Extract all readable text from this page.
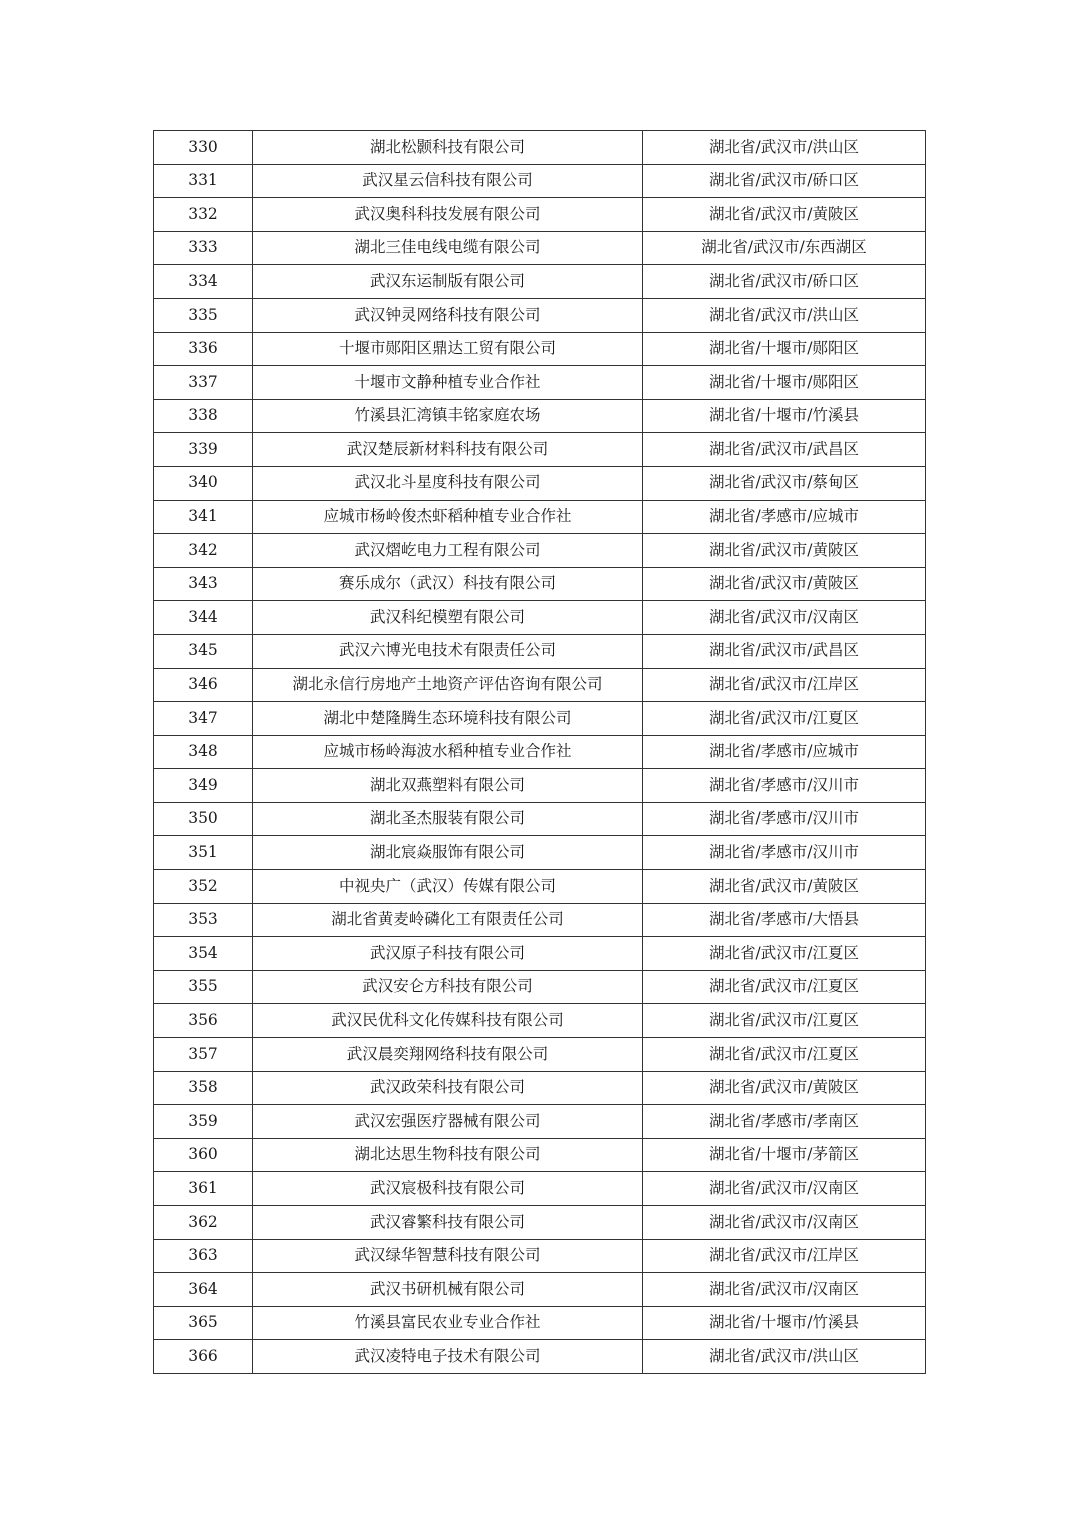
330	湖北松颢科技有限公司	湖北省/武汉市/洪山区
331	武汉星云信科技有限公司	湖北省/武汉市/硚口区
332	武汉奥科科技发展有限公司	湖北省/武汉市/黄陂区
333	湖北三佳电线电缆有限公司	湖北省/武汉市/东西湖区
334	武汉东运制版有限公司	湖北省/武汉市/硚口区
335	武汉钟灵网络科技有限公司	湖北省/武汉市/洪山区
336	十堰市郧阳区鼎达工贸有限公司	湖北省/十堰市/郧阳区
337	十堰市文静种植专业合作社	湖北省/十堰市/郧阳区
338	竹溪县汇湾镇丰铭家庭农场	湖北省/十堰市/竹溪县
339	武汉楚辰新材料科技有限公司	湖北省/武汉市/武昌区
340	武汉北斗星度科技有限公司	湖北省/武汉市/蔡甸区
341	应城市杨岭俊杰虾稻种植专业合作社	湖北省/孝感市/应城市
342	武汉熠屹电力工程有限公司	湖北省/武汉市/黄陂区
343	赛乐成尔（武汉）科技有限公司	湖北省/武汉市/黄陂区
344	武汉科纪模塑有限公司	湖北省/武汉市/汉南区
345	武汉六博光电技术有限责任公司	湖北省/武汉市/武昌区
346	湖北永信行房地产土地资产评估咨询有限公司	湖北省/武汉市/江岸区
347	湖北中楚隆腾生态环境科技有限公司	湖北省/武汉市/江夏区
348	应城市杨岭海波水稻种植专业合作社	湖北省/孝感市/应城市
349	湖北双燕塑料有限公司	湖北省/孝感市/汉川市
350	湖北圣杰服装有限公司	湖北省/孝感市/汉川市
351	湖北宸焱服饰有限公司	湖北省/孝感市/汉川市
352	中视央广（武汉）传媒有限公司	湖北省/武汉市/黄陂区
353	湖北省黄麦岭磷化工有限责任公司	湖北省/孝感市/大悟县
354	武汉原子科技有限公司	湖北省/武汉市/江夏区
355	武汉安仑方科技有限公司	湖北省/武汉市/江夏区
356	武汉民优科文化传媒科技有限公司	湖北省/武汉市/江夏区
357	武汉晨奕翔网络科技有限公司	湖北省/武汉市/江夏区
358	武汉政荣科技有限公司	湖北省/武汉市/黄陂区
359	武汉宏强医疗器械有限公司	湖北省/孝感市/孝南区
360	湖北达思生物科技有限公司	湖北省/十堰市/茅箭区
361	武汉宸极科技有限公司	湖北省/武汉市/汉南区
362	武汉睿繁科技有限公司	湖北省/武汉市/汉南区
363	武汉绿华智慧科技有限公司	湖北省/武汉市/江岸区
364	武汉书研机械有限公司	湖北省/武汉市/汉南区
365	竹溪县富民农业专业合作社	湖北省/十堰市/竹溪县
366	武汉凌特电子技术有限公司	湖北省/武汉市/洪山区
